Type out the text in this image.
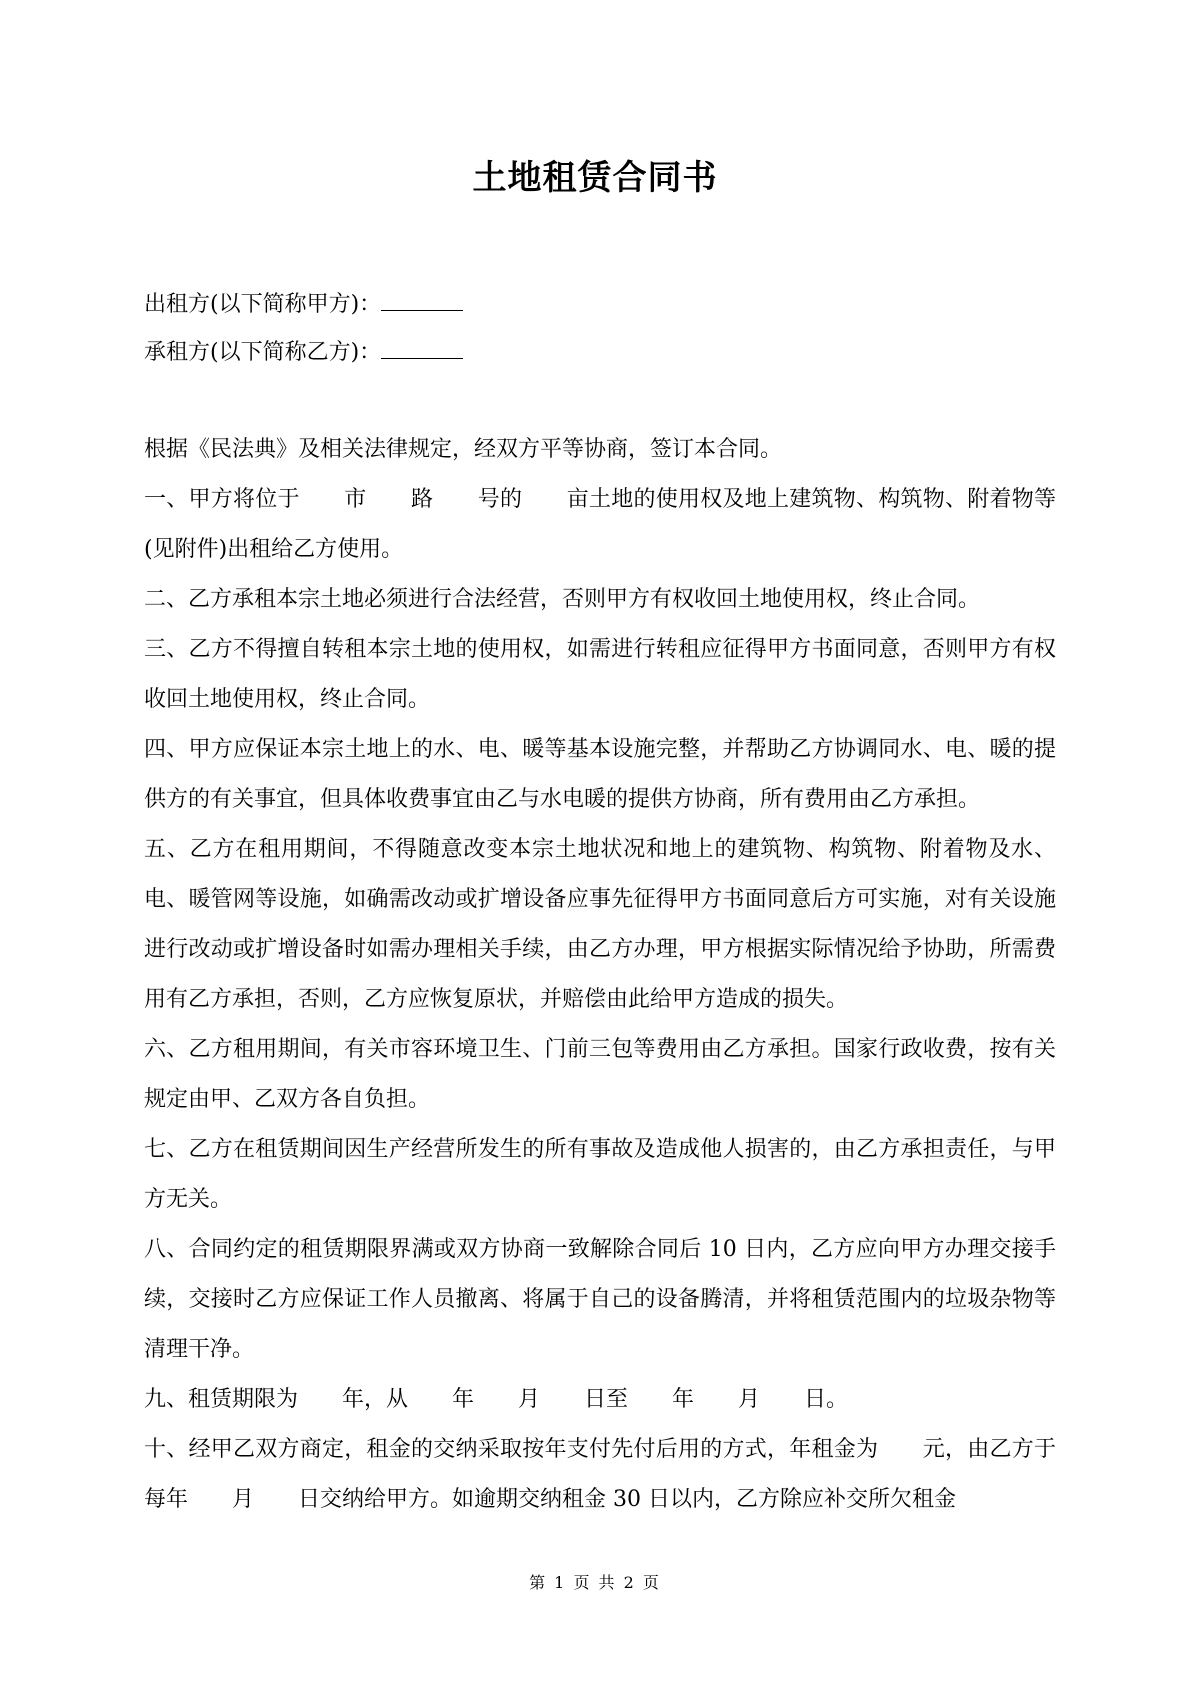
土地租赁合同书
出租方(以下简称甲方)：
承租方(以下简称乙方)：

根据《民法典》及相关法律规定，经双方平等协商，签订本合同。

一、甲方将位于　　市　　路　　号的　　亩土地的使用权及地上建筑物、构筑物、附着物等(见附件)出租给乙方使用。

二、乙方承租本宗土地必须进行合法经营，否则甲方有权收回土地使用权，终止合同。

三、乙方不得擅自转租本宗土地的使用权，如需进行转租应征得甲方书面同意，否则甲方有权收回土地使用权，终止合同。

四、甲方应保证本宗土地上的水、电、暖等基本设施完整，并帮助乙方协调同水、电、暖的提供方的有关事宜，但具体收费事宜由乙与水电暖的提供方协商，所有费用由乙方承担。

五、乙方在租用期间，不得随意改变本宗土地状况和地上的建筑物、构筑物、附着物及水、电、暖管网等设施，如确需改动或扩增设备应事先征得甲方书面同意后方可实施，对有关设施进行改动或扩增设备时如需办理相关手续，由乙方办理，甲方根据实际情况给予协助，所需费用有乙方承担，否则，乙方应恢复原状，并赔偿由此给甲方造成的损失。

六、乙方租用期间，有关市容环境卫生、门前三包等费用由乙方承担。国家行政收费，按有关规定由甲、乙双方各自负担。

七、乙方在租赁期间因生产经营所发生的所有事故及造成他人损害的，由乙方承担责任，与甲方无关。

八、合同约定的租赁期限界满或双方协商一致解除合同后 10 日内，乙方应向甲方办理交接手续，交接时乙方应保证工作人员撤离、将属于自己的设备腾清，并将租赁范围内的垃圾杂物等清理干净。

九、租赁期限为　　年，从　　年　　月　　日至　　年　　月　　日。

十、经甲乙双方商定，租金的交纳采取按年支付先付后用的方式，年租金为　　元，由乙方于每年　　月　　日交纳给甲方。如逾期交纳租金 30 日以内，乙方除应补交所欠租金

第 1 页 共 2 页
